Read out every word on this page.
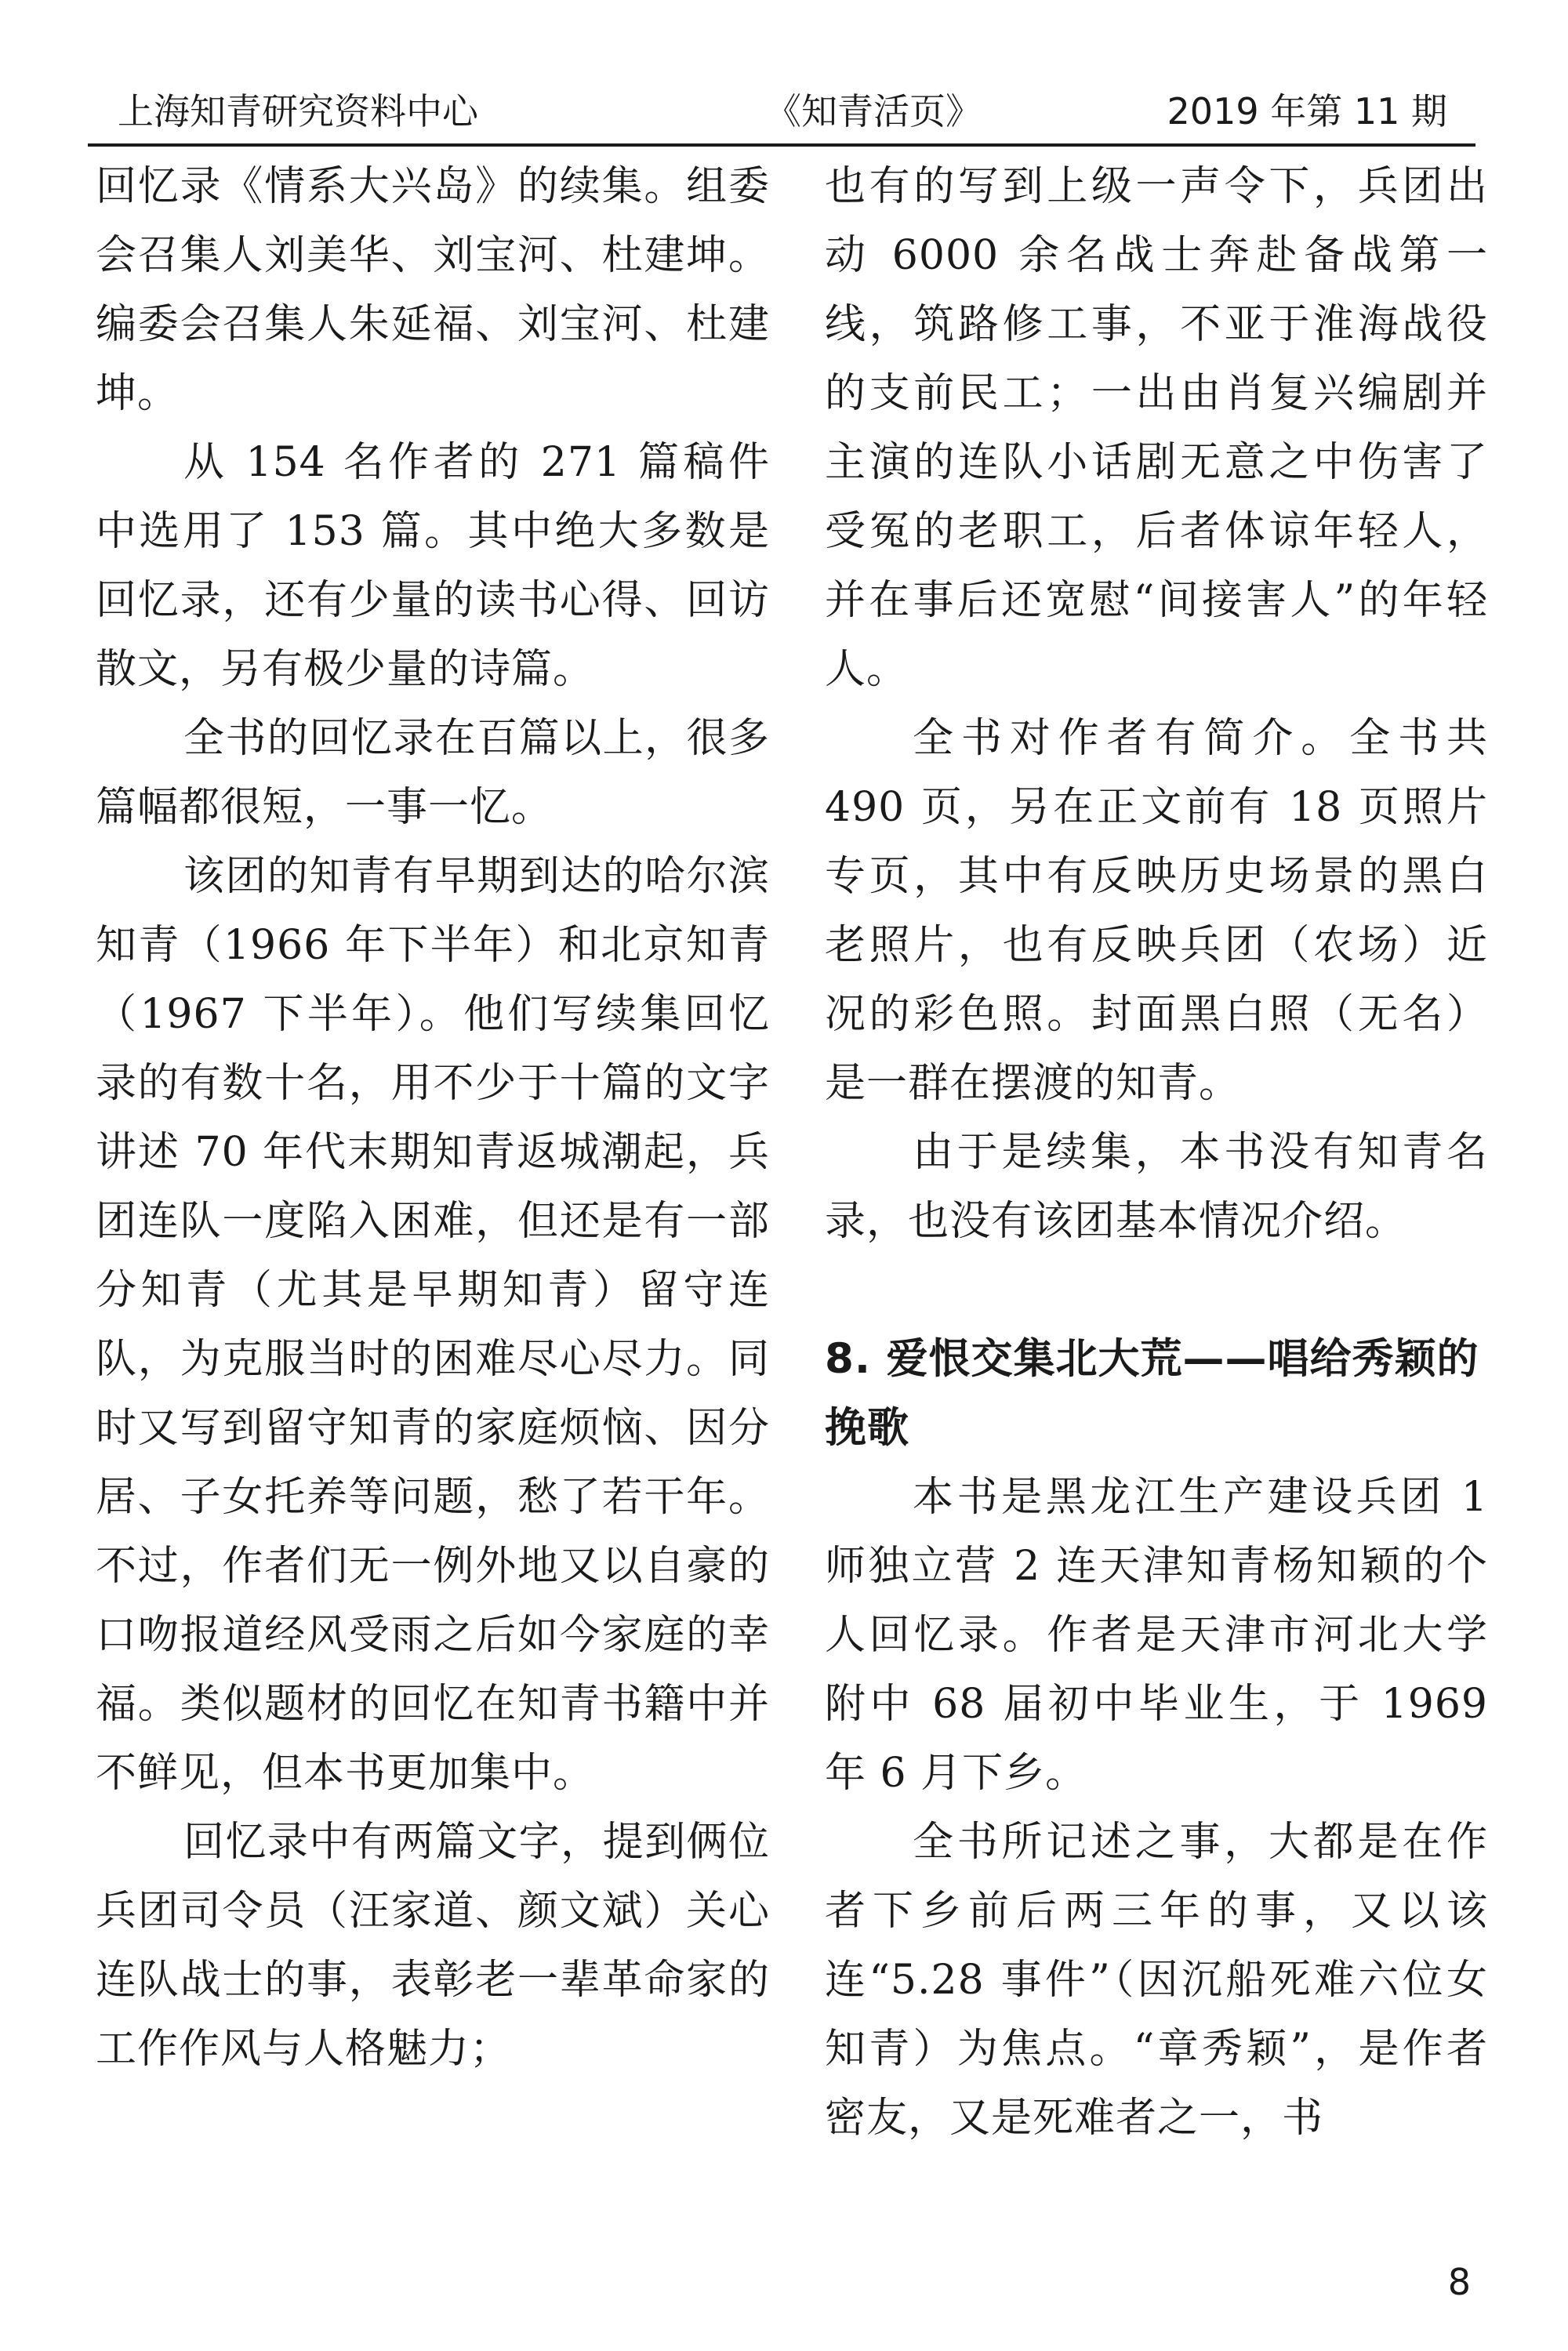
上海知青研究资料中心	《知青活页》	2019 年第 11 期

回忆录《情系大兴岛》的续集。组委会召集人刘美华、刘宝河、杜建坤。编委会召集人朱延福、刘宝河、杜建坤。

从 154 名作者的 271 篇稿件中选用了 153 篇。其中绝大多数是回忆录，还有少量的读书心得、回访散文，另有极少量的诗篇。

全书的回忆录在百篇以上，很多篇幅都很短，一事一忆。

该团的知青有早期到达的哈尔滨知青（1966 年下半年）和北京知青（1967 下半年）。他们写续集回忆录的有数十名，用不少于十篇的文字讲述 70 年代末期知青返城潮起，兵团连队一度陷入困难，但还是有一部分知青（尤其是早期知青）留守连队，为克服当时的困难尽心尽力。同时又写到留守知青的家庭烦恼、因分居、子女托养等问题，愁了若干年。不过，作者们无一例外地又以自豪的口吻报道经风受雨之后如今家庭的幸福。类似题材的回忆在知青书籍中并不鲜见，但本书更加集中。

回忆录中有两篇文字，提到俩位兵团司令员（汪家道、颜文斌）关心连队战士的事，表彰老一辈革命家的工作作风与人格魅力；

也有的写到上级一声令下，兵团出动 6000 余名战士奔赴备战第一线，筑路修工事，不亚于淮海战役的支前民工；一出由肖复兴编剧并主演的连队小话剧无意之中伤害了受冤的老职工，后者体谅年轻人，并在事后还宽慰“间接害人”的年轻人。

全书对作者有简介。全书共 490 页，另在正文前有 18 页照片专页，其中有反映历史场景的黑白老照片，也有反映兵团（农场）近况的彩色照。封面黑白照（无名）是一群在摆渡的知青。

由于是续集，本书没有知青名录，也没有该团基本情况介绍。

8. 爱恨交集北大荒——唱给秀颖的挽歌

本书是黑龙江生产建设兵团 1 师独立营 2 连天津知青杨知颖的个人回忆录。作者是天津市河北大学附中 68 届初中毕业生，于 1969 年 6 月下乡。

全书所记述之事，大都是在作者下乡前后两三年的事，又以该连“5.28 事件”（因沉船死难六位女知青）为焦点。“章秀颖”，是作者密友，又是死难者之一，书

8
